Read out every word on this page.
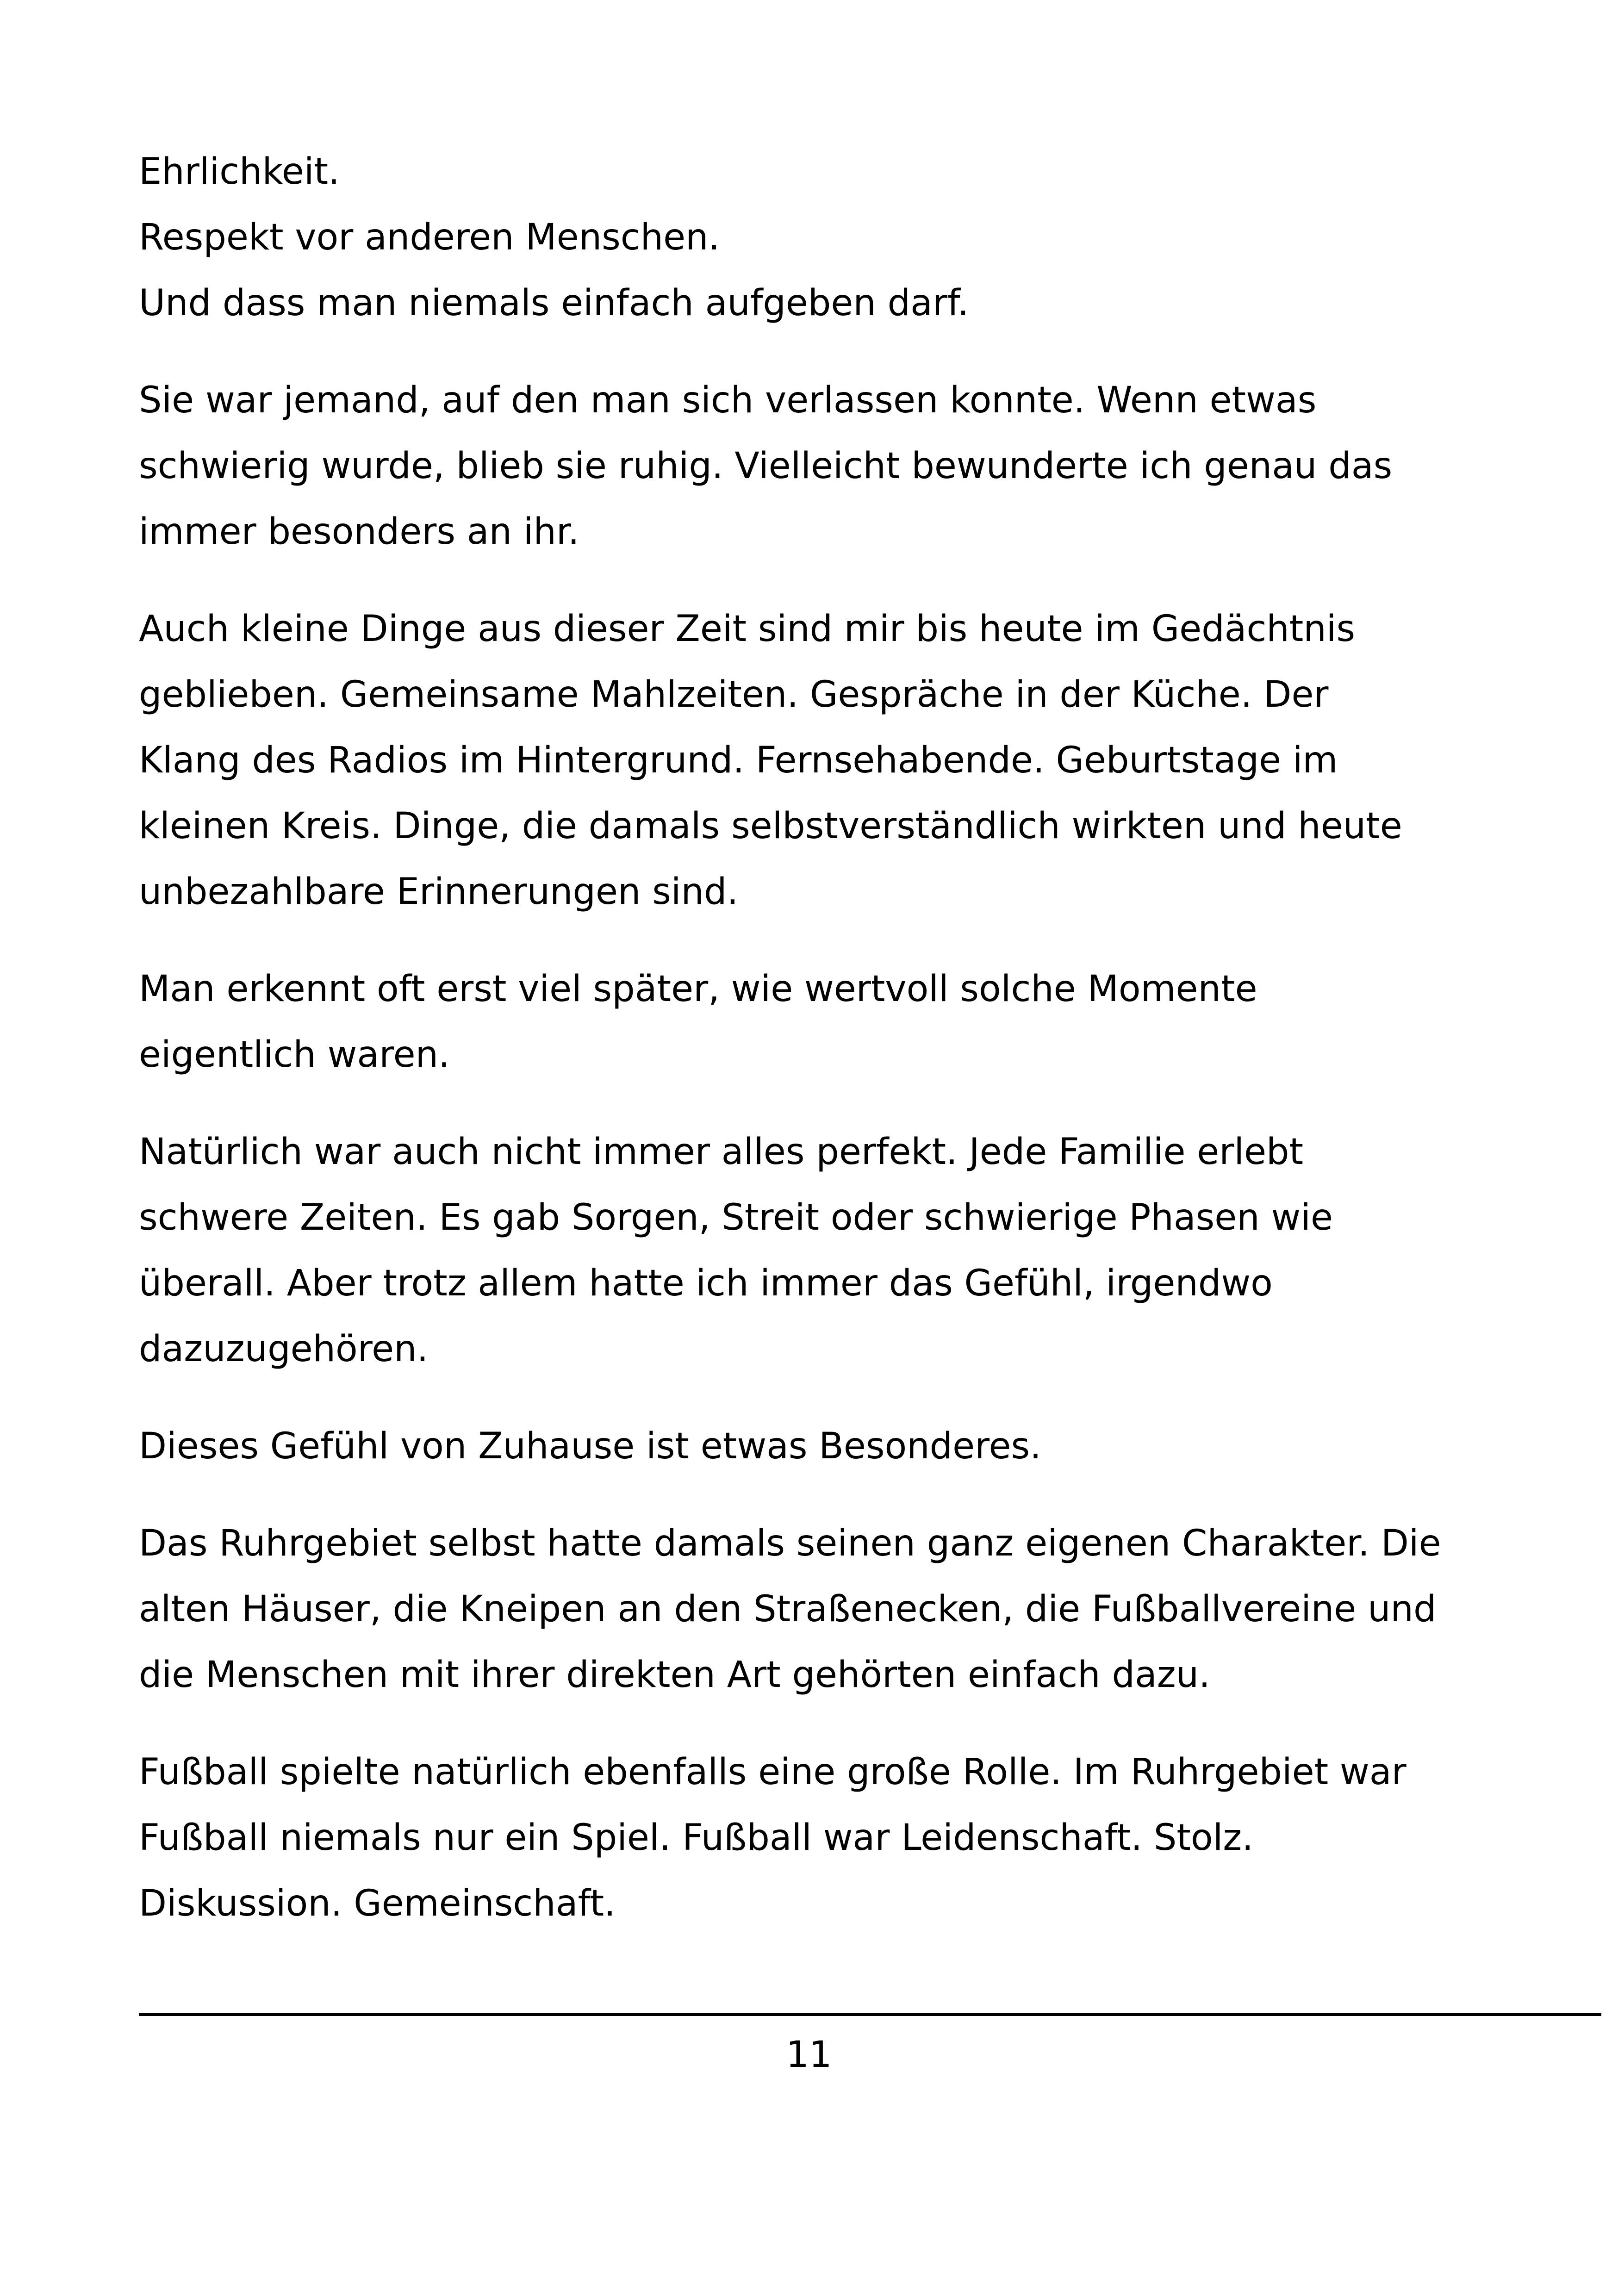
Ehrlichkeit.
Respekt vor anderen Menschen.
Und dass man niemals einfach aufgeben darf.

Sie war jemand, auf den man sich verlassen konnte. Wenn etwas
schwierig wurde, blieb sie ruhig. Vielleicht bewunderte ich genau das
immer besonders an ihr.

Auch kleine Dinge aus dieser Zeit sind mir bis heute im Gedächtnis
geblieben. Gemeinsame Mahlzeiten. Gespräche in der Küche. Der
Klang des Radios im Hintergrund. Fernsehabende. Geburtstage im
kleinen Kreis. Dinge, die damals selbstverständlich wirkten und heute
unbezahlbare Erinnerungen sind.

Man erkennt oft erst viel später, wie wertvoll solche Momente
eigentlich waren.

Natürlich war auch nicht immer alles perfekt. Jede Familie erlebt
schwere Zeiten. Es gab Sorgen, Streit oder schwierige Phasen wie
überall. Aber trotz allem hatte ich immer das Gefühl, irgendwo
dazuzugehören.

Dieses Gefühl von Zuhause ist etwas Besonderes.

Das Ruhrgebiet selbst hatte damals seinen ganz eigenen Charakter. Die
alten Häuser, die Kneipen an den Straßenecken, die Fußballvereine und
die Menschen mit ihrer direkten Art gehörten einfach dazu.

Fußball spielte natürlich ebenfalls eine große Rolle. Im Ruhrgebiet war
Fußball niemals nur ein Spiel. Fußball war Leidenschaft. Stolz.
Diskussion. Gemeinschaft.

11
